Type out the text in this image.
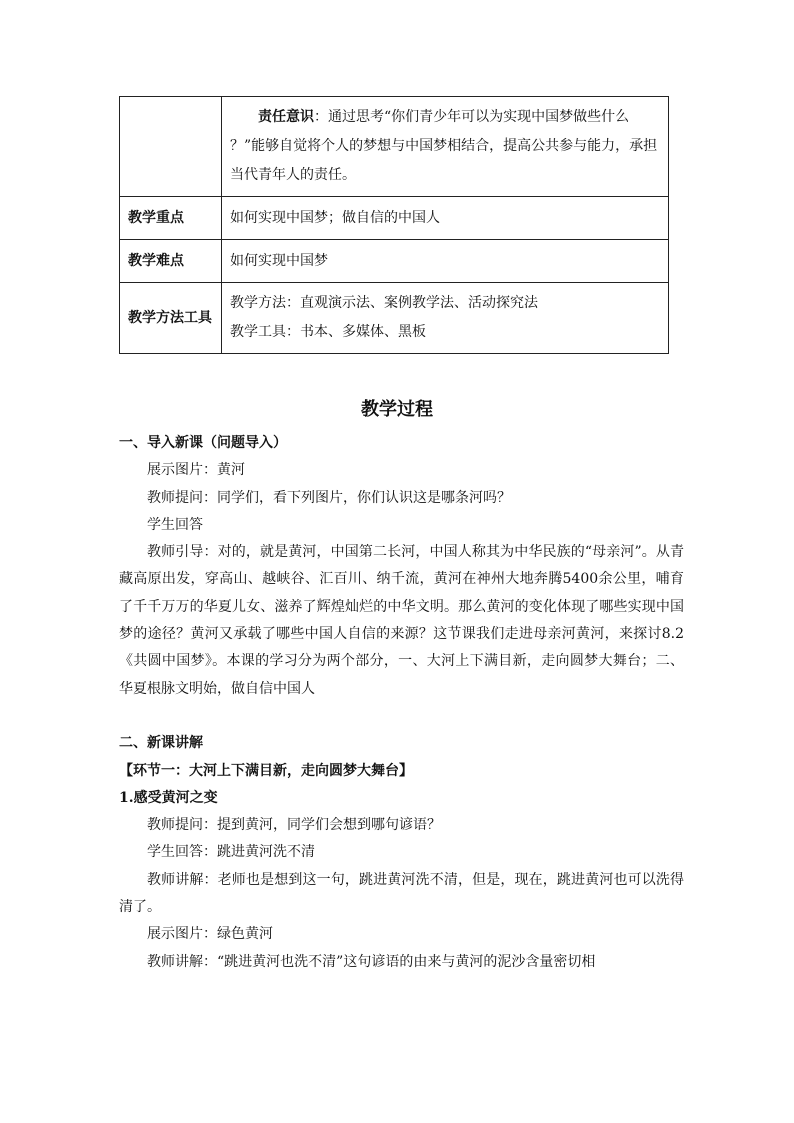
	责任意识：通过思考“你们青少年可以为实现中国梦做些什么 ？”能够自觉将个人的梦想与中国梦相结合，提高公共参与能力，承担当代青年人的责任。
教学重点	如何实现中国梦；做自信的中国人
教学难点	如何实现中国梦
教学方法工具	教学方法：直观演示法、案例教学法、活动探究法
教学工具：书本、多媒体、黑板
教学过程

一、导入新课（问题导入）

展示图片：黄河

教师提问：同学们，看下列图片，你们认识这是哪条河吗？

学生回答

教师引导：对的，就是黄河，中国第二长河，中国人称其为中华民族的“母亲河”。从青藏高原出发，穿高山、越峡谷、汇百川、纳千流，黄河在神州大地奔腾5400余公里，哺育了千千万万的华夏儿女、滋养了辉煌灿烂的中华文明。那么黄河的变化体现了哪些实现中国梦的途径？黄河又承载了哪些中国人自信的来源？这节课我们走进母亲河黄河，来探讨8.2《共圆中国梦》。本课的学习分为两个部分，一、大河上下满目新，走向圆梦大舞台；二、华夏根脉文明始，做自信中国人

二、新课讲解

【环节一：大河上下满目新，走向圆梦大舞台】

1.感受黄河之变

教师提问：提到黄河，同学们会想到哪句谚语？

学生回答：跳进黄河洗不清

教师讲解：老师也是想到这一句，跳进黄河洗不清，但是，现在，跳进黄河也可以洗得清了。

展示图片：绿色黄河

教师讲解：“跳进黄河也洗不清”这句谚语的由来与黄河的泥沙含量密切相
